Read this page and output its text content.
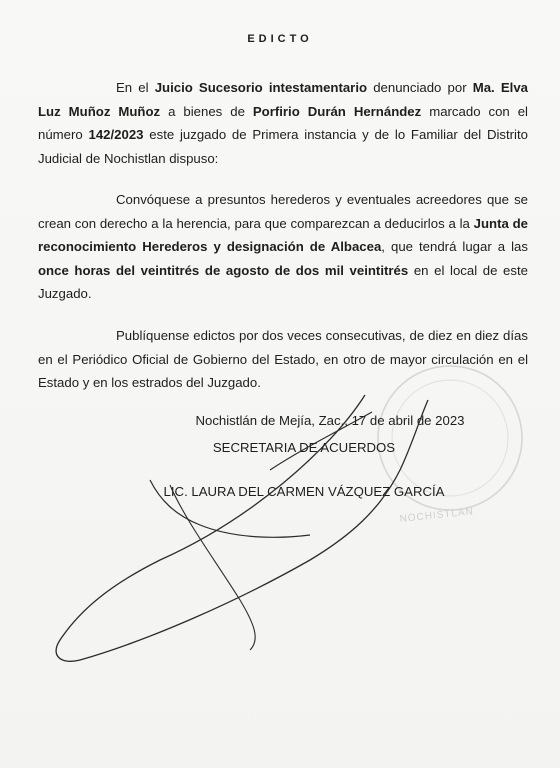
EDICTO

En el Juicio Sucesorio intestamentario denunciado por Ma. Elva Luz Muñoz Muñoz a bienes de Porfirio Durán Hernández marcado con el número 142/2023 este juzgado de Primera instancia y de lo Familiar del Distrito Judicial de Nochistlan dispuso:

Convóquese a presuntos herederos y eventuales acreedores que se crean con derecho a la herencia, para que comparezcan a deducirlos a la Junta de reconocimiento Herederos y designación de Albacea, que tendrá lugar a las once horas del veintitrés de agosto de dos mil veintitrés en el local de este Juzgado.

Publíquense edictos por dos veces consecutivas, de diez en diez días en el Periódico Oficial de Gobierno del Estado, en otro de mayor circulación en el Estado y en los estrados del Juzgado.

NOCHISTLAN
Nochistlán de Mejía, Zac., 17 de abril de 2023
SECRETARIA DE ACUERDOS
LIC. LAURA DEL CARMEN VÁZQUEZ GARCÍA
